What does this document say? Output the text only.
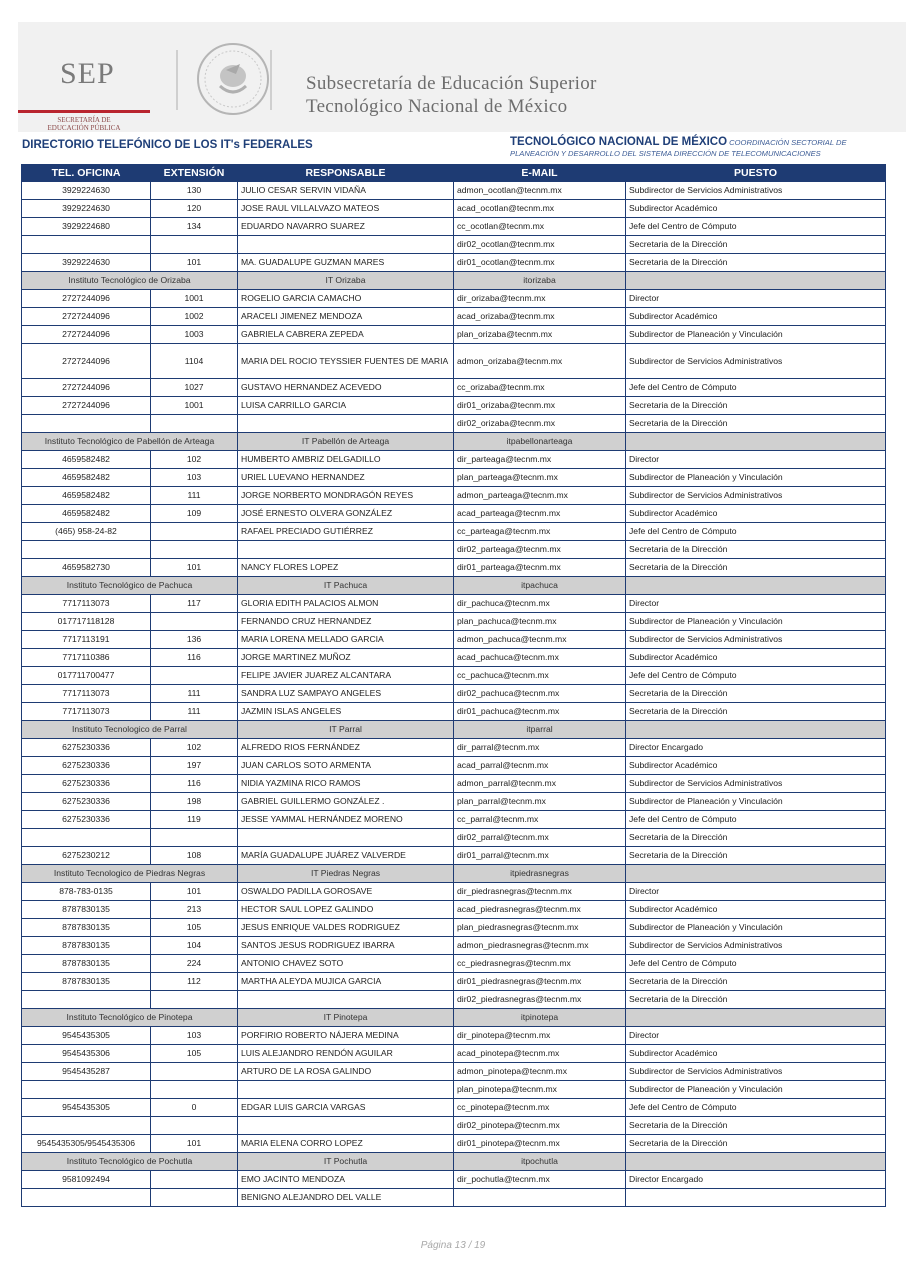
SEP
SECRETARÍA DE EDUCACIÓN PÚBLICA
Subsecretaría de Educación Superior
Tecnológico Nacional de México
DIRECTORIO TELEFÓNICO DE LOS IT's FEDERALES	TECNOLÓGICO NACIONAL DE MÉXICO COORDINACIÓN SECTORIAL DE PLANEACIÓN Y DESARROLLO DEL SISTEMA DIRECCIÓN DE TELECOMUNICACIONES
TEL. OFICINA	EXTENSIÓN	RESPONSABLE	E-MAIL	PUESTO
3929224630	130	JULIO CESAR SERVIN VIDAÑA	admon_ocotlan@tecnm.mx	Subdirector de Servicios Administrativos
3929224630	120	JOSE RAUL VILLALVAZO MATEOS	acad_ocotlan@tecnm.mx	Subdirector Académico
3929224680	134	EDUARDO NAVARRO SUAREZ	cc_ocotlan@tecnm.mx	Jefe del Centro de Cómputo
			dir02_ocotlan@tecnm.mx	Secretaria de la Dirección
3929224630	101	MA. GUADALUPE GUZMAN MARES	dir01_ocotlan@tecnm.mx	Secretaria de la Dirección
Instituto Tecnológico de Orizaba		IT Orizaba	itorizaba	
2727244096	1001	ROGELIO GARCIA CAMACHO	dir_orizaba@tecnm.mx	Director
2727244096	1002	ARACELI JIMENEZ MENDOZA	acad_orizaba@tecnm.mx	Subdirector Académico
2727244096	1003	GABRIELA CABRERA ZEPEDA	plan_orizaba@tecnm.mx	Subdirector de Planeación y Vinculación
2727244096	1104	MARIA DEL ROCIO TEYSSIER FUENTES DE MARIA	admon_orizaba@tecnm.mx	Subdirector de Servicios Administrativos
2727244096	1027	GUSTAVO HERNANDEZ ACEVEDO	cc_orizaba@tecnm.mx	Jefe del Centro de Cómputo
2727244096	1001	LUISA CARRILLO GARCIA	dir01_orizaba@tecnm.mx	Secretaria de la Dirección
			dir02_orizaba@tecnm.mx	Secretaria de la Dirección
Instituto Tecnológico de Pabellón de Arteaga		IT Pabellón de Arteaga	itpabellonarteaga	
4659582482	102	HUMBERTO AMBRIZ DELGADILLO	dir_parteaga@tecnm.mx	Director
4659582482	103	URIEL LUEVANO HERNANDEZ	plan_parteaga@tecnm.mx	Subdirector de Planeación y Vinculación
4659582482	111	JORGE NORBERTO MONDRAGÓN REYES	admon_parteaga@tecnm.mx	Subdirector de Servicios Administrativos
4659582482	109	JOSÉ ERNESTO OLVERA GONZÁLEZ	acad_parteaga@tecnm.mx	Subdirector Académico
(465) 958-24-82		RAFAEL PRECIADO GUTIÉRREZ	cc_parteaga@tecnm.mx	Jefe del Centro de Cómputo
			dir02_parteaga@tecnm.mx	Secretaria de la Dirección
4659582730	101	NANCY FLORES LOPEZ	dir01_parteaga@tecnm.mx	Secretaria de la Dirección
Instituto Tecnológico de Pachuca		IT Pachuca	itpachuca	
7717113073	117	GLORIA EDITH PALACIOS ALMON	dir_pachuca@tecnm.mx	Director
017717118128		FERNANDO CRUZ HERNANDEZ	plan_pachuca@tecnm.mx	Subdirector de Planeación y Vinculación
7717113191	136	MARIA LORENA MELLADO GARCIA	admon_pachuca@tecnm.mx	Subdirector de Servicios Administrativos
7717110386	116	JORGE MARTINEZ MUÑOZ	acad_pachuca@tecnm.mx	Subdirector Académico
017711700477		FELIPE JAVIER JUAREZ ALCANTARA	cc_pachuca@tecnm.mx	Jefe del Centro de Cómputo
7717113073	111	SANDRA LUZ SAMPAYO ANGELES	dir02_pachuca@tecnm.mx	Secretaria de la Dirección
7717113073	111	JAZMIN ISLAS ANGELES	dir01_pachuca@tecnm.mx	Secretaria de la Dirección
Instituto Tecnologico de Parral		IT Parral	itparral	
6275230336	102	ALFREDO RIOS FERNÁNDEZ	dir_parral@tecnm.mx	Director Encargado
6275230336	197	JUAN CARLOS SOTO ARMENTA	acad_parral@tecnm.mx	Subdirector Académico
6275230336	116	NIDIA YAZMINA RICO RAMOS	admon_parral@tecnm.mx	Subdirector de Servicios Administrativos
6275230336	198	GABRIEL GUILLERMO GONZÁLEZ .	plan_parral@tecnm.mx	Subdirector de Planeación y Vinculación
6275230336	119	JESSE YAMMAL HERNÁNDEZ MORENO	cc_parral@tecnm.mx	Jefe del Centro de Cómputo
			dir02_parral@tecnm.mx	Secretaria de la Dirección
6275230212	108	MARÍA GUADALUPE JUÁREZ VALVERDE	dir01_parral@tecnm.mx	Secretaria de la Dirección
Instituto Tecnologico de Piedras Negras		IT Piedras Negras	itpiedrasnegras	
878-783-0135	101	OSWALDO PADILLA GOROSAVE	dir_piedrasnegras@tecnm.mx	Director
8787830135	213	HECTOR SAUL LOPEZ GALINDO	acad_piedrasnegras@tecnm.mx	Subdirector Académico
8787830135	105	JESUS ENRIQUE VALDES RODRIGUEZ	plan_piedrasnegras@tecnm.mx	Subdirector de Planeación y Vinculación
8787830135	104	SANTOS JESUS RODRIGUEZ IBARRA	admon_piedrasnegras@tecnm.mx	Subdirector de Servicios Administrativos
8787830135	224	ANTONIO CHAVEZ SOTO	cc_piedrasnegras@tecnm.mx	Jefe del Centro de Cómputo
8787830135	112	MARTHA ALEYDA MUJICA GARCIA	dir01_piedrasnegras@tecnm.mx	Secretaria de la Dirección
			dir02_piedrasnegras@tecnm.mx	Secretaria de la Dirección
Instituto Tecnológico de Pinotepa		IT Pinotepa	itpinotepa	
9545435305	103	PORFIRIO ROBERTO NÁJERA MEDINA	dir_pinotepa@tecnm.mx	Director
9545435306	105	LUIS ALEJANDRO RENDÓN AGUILAR	acad_pinotepa@tecnm.mx	Subdirector Académico
9545435287		ARTURO DE LA ROSA GALINDO	admon_pinotepa@tecnm.mx	Subdirector de Servicios Administrativos
			plan_pinotepa@tecnm.mx	Subdirector de Planeación y Vinculación
9545435305	0	EDGAR LUIS GARCIA VARGAS	cc_pinotepa@tecnm.mx	Jefe del Centro de Cómputo
			dir02_pinotepa@tecnm.mx	Secretaria de la Dirección
9545435305/9545435306	101	MARIA ELENA CORRO LOPEZ	dir01_pinotepa@tecnm.mx	Secretaria de la Dirección
Instituto Tecnológico de Pochutla		IT Pochutla	itpochutla	
9581092494		EMO JACINTO MENDOZA	dir_pochutla@tecnm.mx	Director Encargado
		BENIGNO ALEJANDRO DEL VALLE		
Página 13 / 19
